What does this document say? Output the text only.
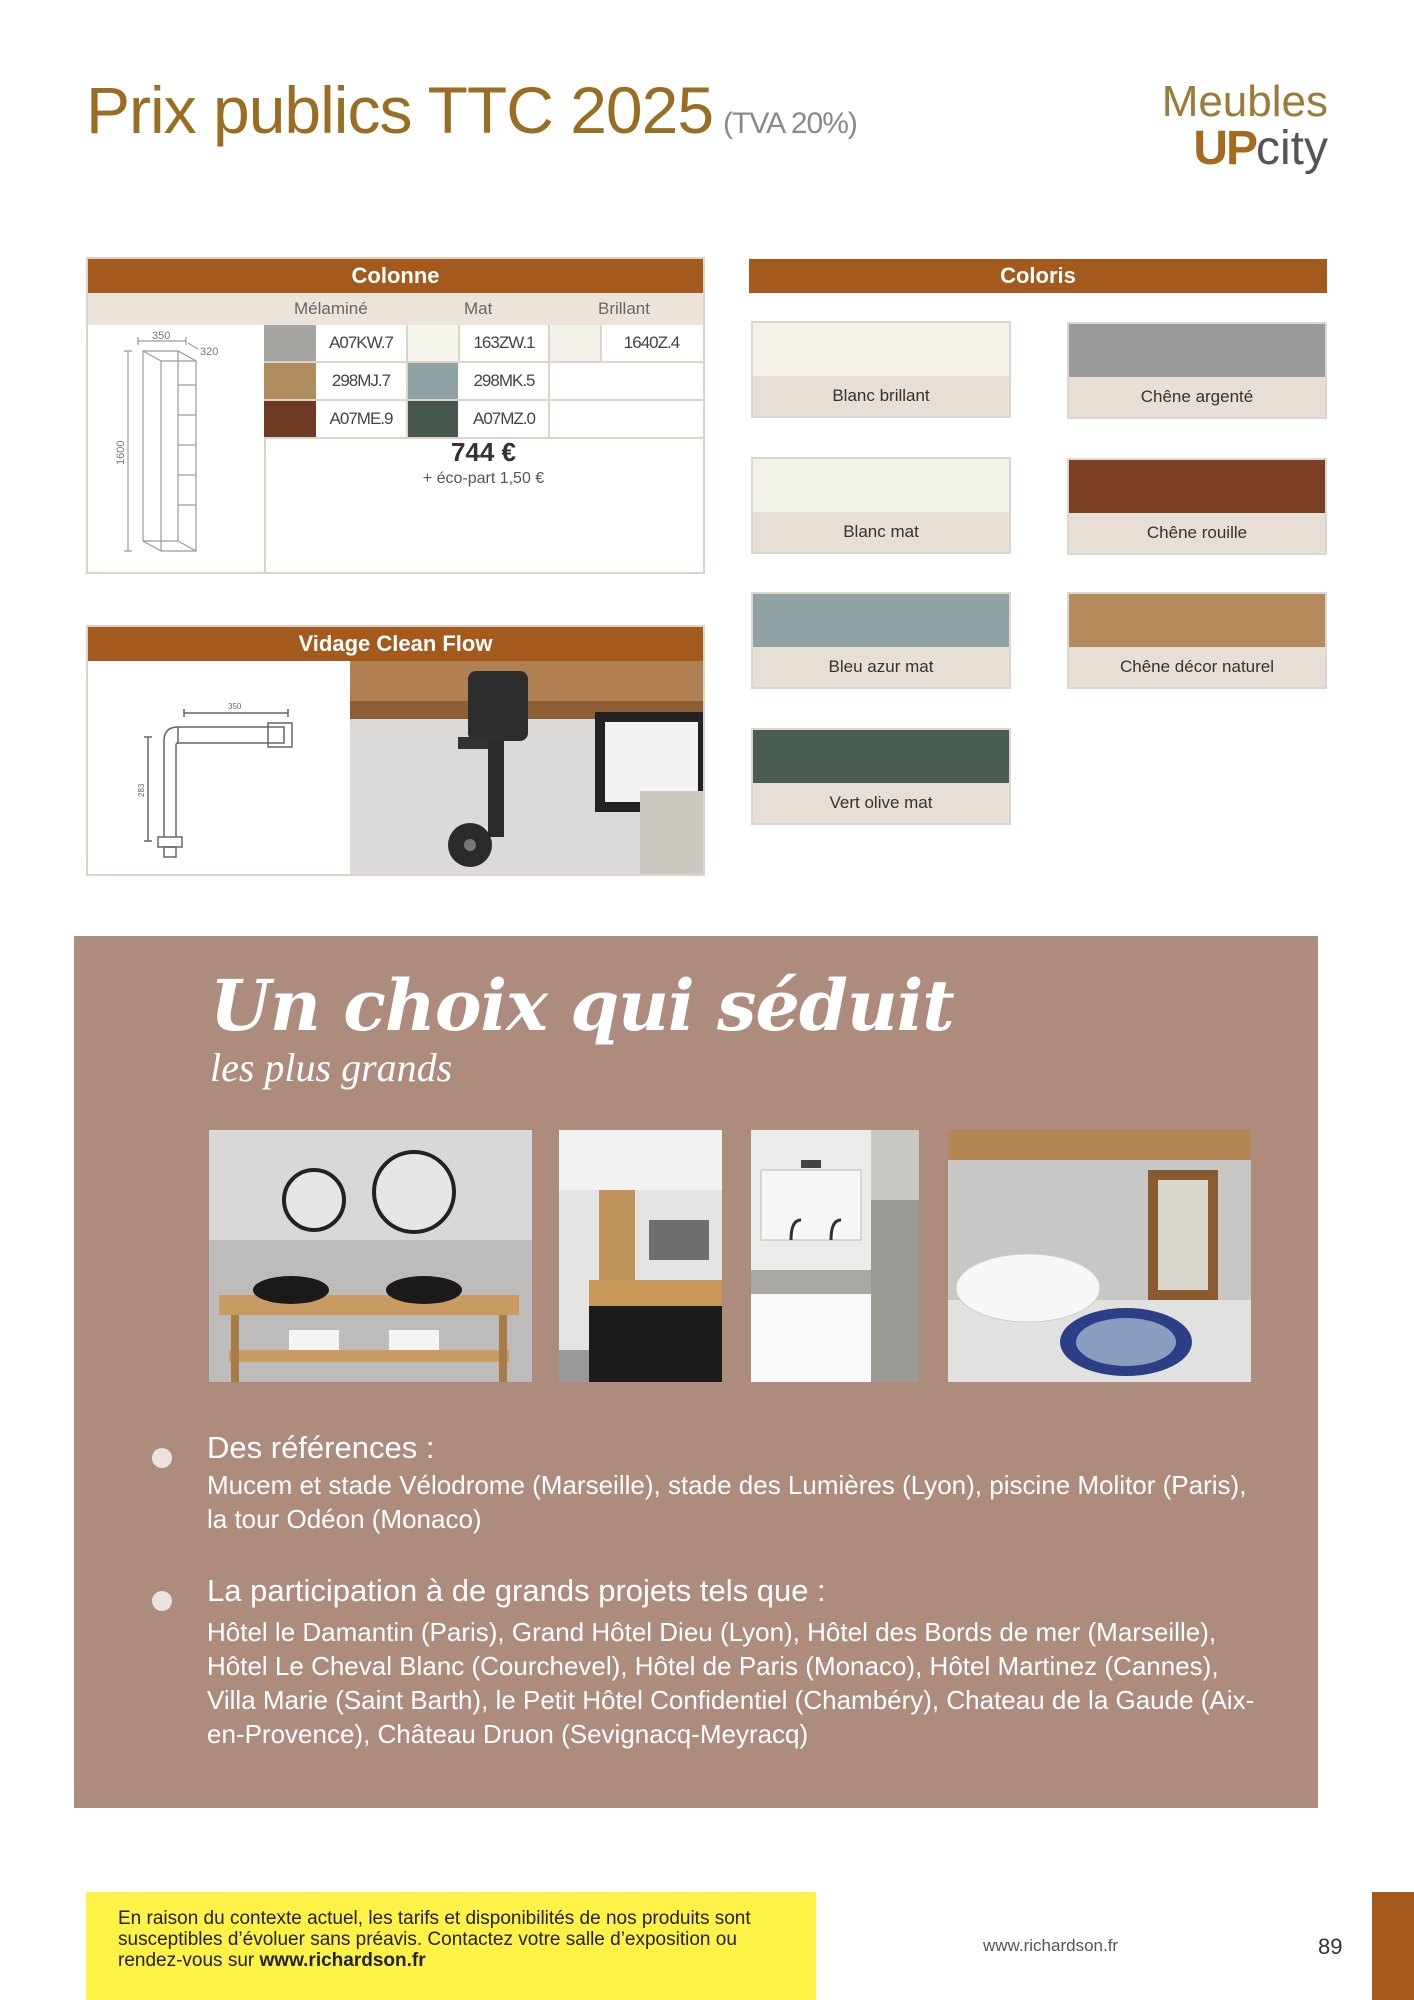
Prix publics TTC 2025 (TVA 20%)	Meubles
UPcity
Colonne
Mélaminé	Mat	Brillant
350
320
1600
A07KW.7	163ZW.1	1640Z.4
298MJ.7	298MK.5
A07ME.9	A07MZ.0
744 €
+ éco-part 1,50 €
Vidage Clean Flow
350
283
Coloris
Blanc brillant	Chêne argenté
Blanc mat	Chêne rouille
Bleu azur mat	Chêne décor naturel
Vert olive mat
Un choix qui séduit
les plus grands
Des références :
Mucem et stade Vélodrome (Marseille), stade des Lumières (Lyon), piscine Molitor (Paris), la tour Odéon (Monaco)
La participation à de grands projets tels que :
Hôtel le Damantin (Paris), Grand Hôtel Dieu (Lyon), Hôtel des Bords de mer (Marseille), Hôtel Le Cheval Blanc (Courchevel), Hôtel de Paris (Monaco), Hôtel Martinez (Cannes), Villa Marie (Saint Barth), le Petit Hôtel Confidentiel (Chambéry), Chateau de la Gaude (Aix-en-Provence), Château Druon (Sevignacq-Meyracq)
En raison du contexte actuel, les tarifs et disponibilités de nos produits sont susceptibles d’évoluer sans préavis. Contactez votre salle d’exposition ou rendez-vous sur www.richardson.fr
www.richardson.fr	89
